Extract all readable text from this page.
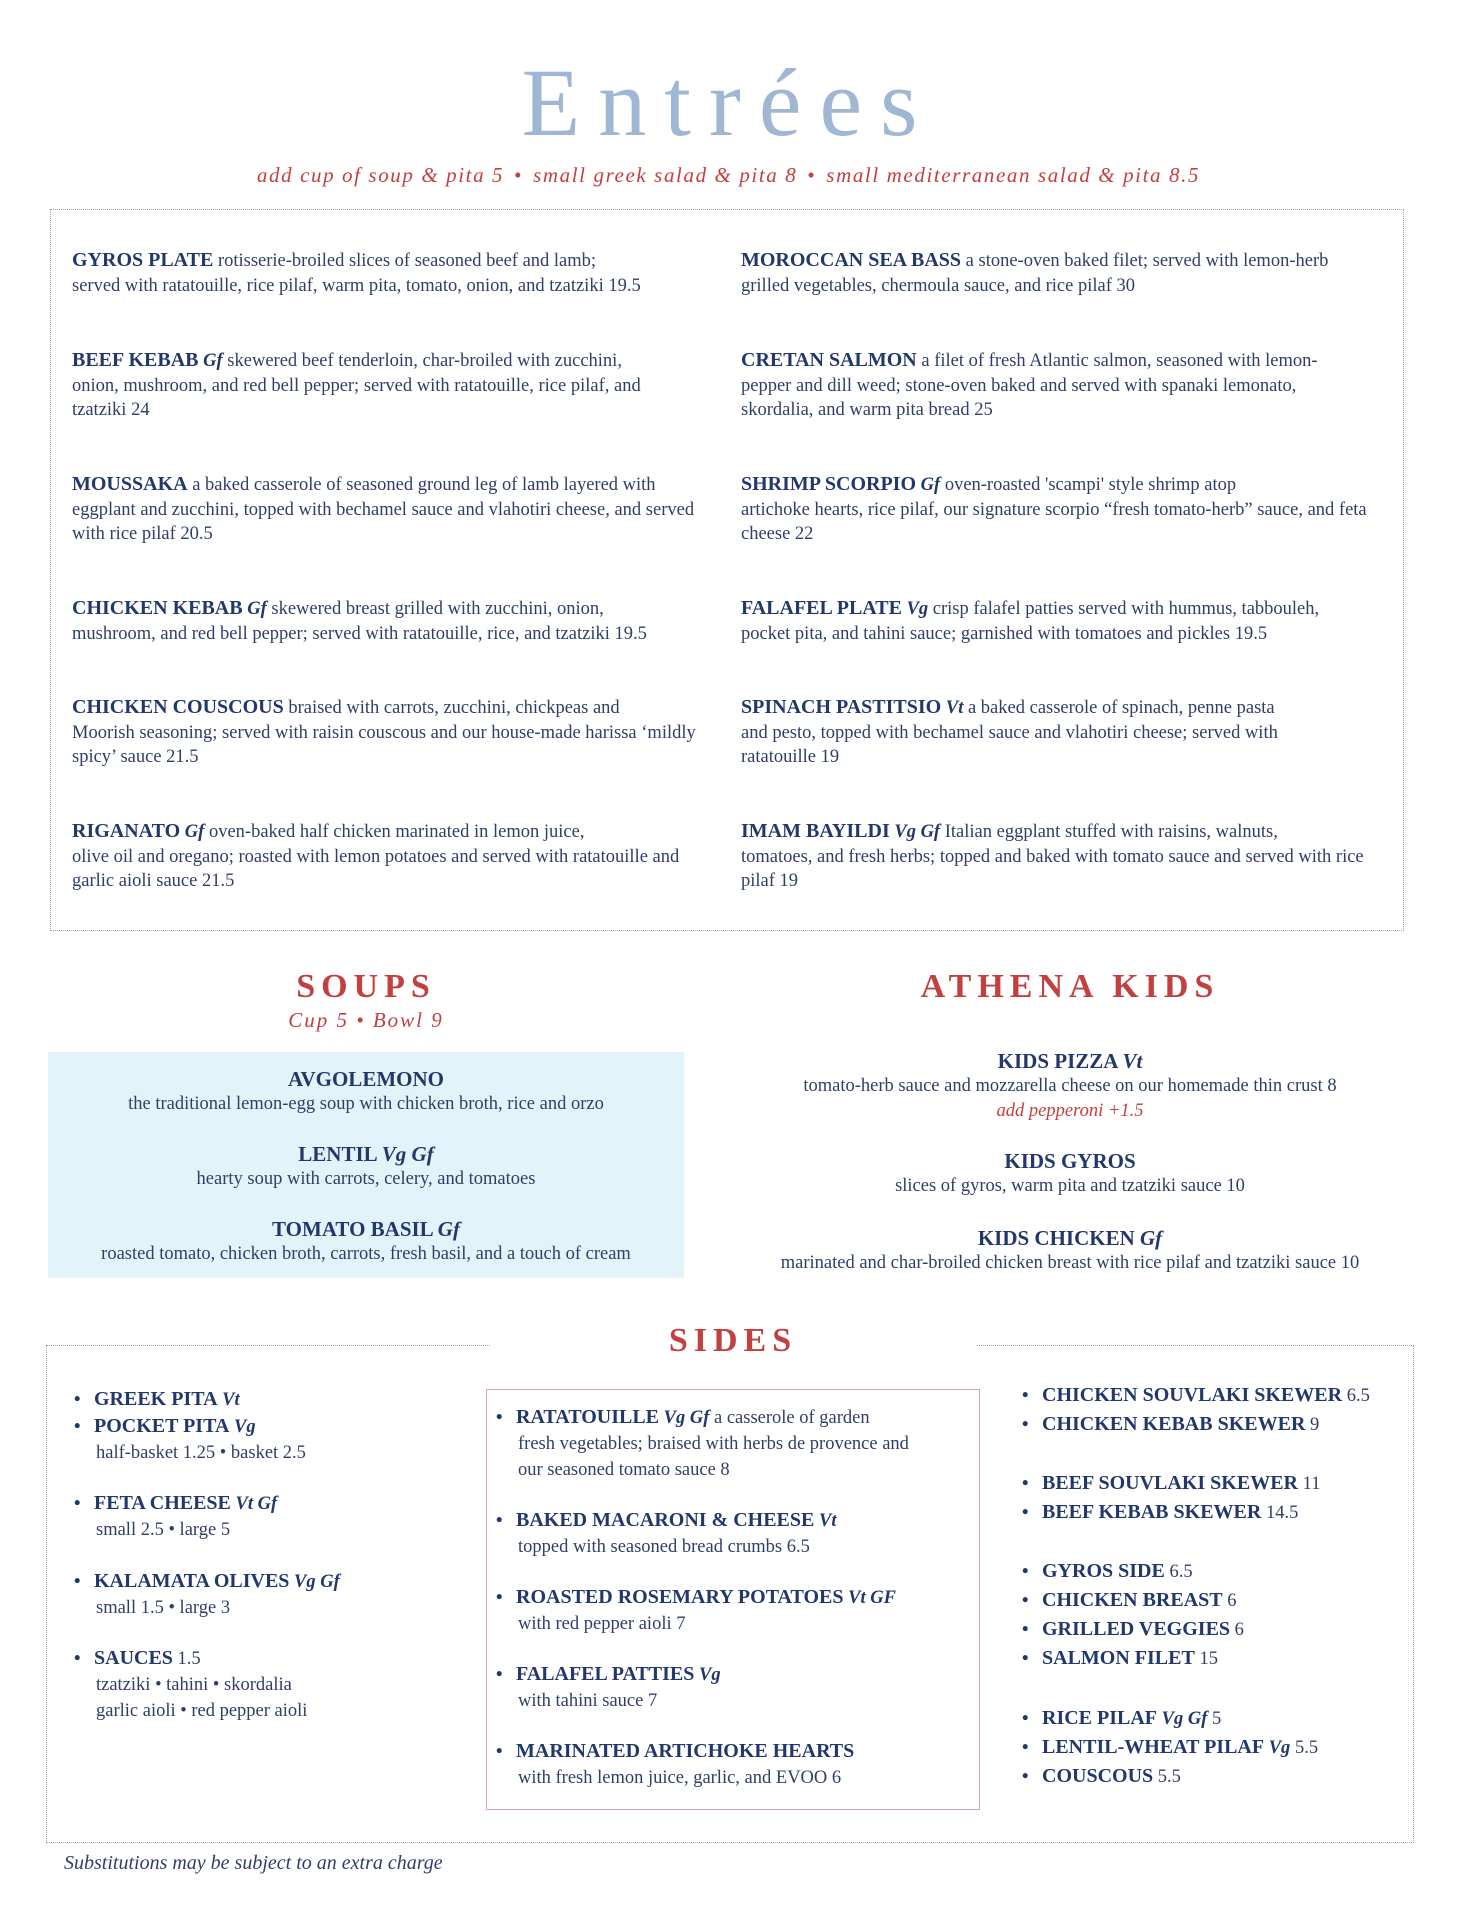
Entrées
add cup of soup & pita 5 • small greek salad & pita 8 • small mediterranean salad & pita 8.5
GYROS PLATE rotisserie-broiled slices of seasoned beef and lamb;
served with ratatouille, rice pilaf, warm pita, tomato, onion, and tzatziki 19.5
BEEF KEBAB Gf skewered beef tenderloin, char-broiled with zucchini,
onion, mushroom, and red bell pepper; served with ratatouille, rice pilaf, and tzatziki 24
MOUSSAKA a baked casserole of seasoned ground leg of lamb layered with
eggplant and zucchini, topped with bechamel sauce and vlahotiri cheese, and served with rice pilaf 20.5
CHICKEN KEBAB Gf skewered breast grilled with zucchini, onion,
mushroom, and red bell pepper; served with ratatouille, rice, and tzatziki 19.5
CHICKEN COUSCOUS braised with carrots, zucchini, chickpeas and
Moorish seasoning; served with raisin couscous and our house-made harissa ‘mildly spicy’ sauce 21.5
RIGANATO Gf oven-baked half chicken marinated in lemon juice,
olive oil and oregano; roasted with lemon potatoes and served with ratatouille and garlic aioli sauce 21.5
MOROCCAN SEA BASS a stone-oven baked filet; served with lemon-herb
grilled vegetables, chermoula sauce, and rice pilaf 30
CRETAN SALMON a filet of fresh Atlantic salmon, seasoned with lemon-
pepper and dill weed; stone-oven baked and served with spanaki lemonato, skordalia, and warm pita bread 25
SHRIMP SCORPIO Gf oven-roasted 'scampi' style shrimp atop
artichoke hearts, rice pilaf, our signature scorpio “fresh tomato-herb” sauce, and feta cheese 22
FALAFEL PLATE Vg crisp falafel patties served with hummus, tabbouleh,
pocket pita, and tahini sauce; garnished with tomatoes and pickles 19.5
SPINACH PASTITSIO Vt a baked casserole of spinach, penne pasta
and pesto, topped with bechamel sauce and vlahotiri cheese; served with ratatouille 19
IMAM BAYILDI Vg Gf Italian eggplant stuffed with raisins, walnuts,
tomatoes, and fresh herbs; topped and baked with tomato sauce and served with rice pilaf 19
SOUPS
Cup 5 • Bowl 9
AVGOLEMONO
the traditional lemon-egg soup with chicken broth, rice and orzo
LENTIL Vg Gf
hearty soup with carrots, celery, and tomatoes
TOMATO BASIL Gf
roasted tomato, chicken broth, carrots, fresh basil, and a touch of cream
ATHENA KIDS
KIDS PIZZA Vt
tomato-herb sauce and mozzarella cheese on our homemade thin crust 8
add pepperoni +1.5
KIDS GYROS
slices of gyros, warm pita and tzatziki sauce 10
KIDS CHICKEN Gf
marinated and char-broiled chicken breast with rice pilaf and tzatziki sauce 10
SIDES
• GREEK PITA Vt
• POCKET PITA Vg
half-basket 1.25 • basket 2.5
• FETA CHEESE Vt Gf
small 2.5 • large 5
• KALAMATA OLIVES Vg Gf
small 1.5 • large 3
• SAUCES 1.5
tzatziki • tahini • skordalia
garlic aioli • red pepper aioli
• RATATOUILLE Vg Gf a casserole of garden
fresh vegetables; braised with herbs de provence and
our seasoned tomato sauce 8
• BAKED MACARONI & CHEESE Vt
topped with seasoned bread crumbs 6.5
• ROASTED ROSEMARY POTATOES Vt GF
with red pepper aioli 7
• FALAFEL PATTIES Vg
with tahini sauce 7
• MARINATED ARTICHOKE HEARTS
with fresh lemon juice, garlic, and EVOO 6
• CHICKEN SOUVLAKI SKEWER 6.5
• CHICKEN KEBAB SKEWER 9
• BEEF SOUVLAKI SKEWER 11
• BEEF KEBAB SKEWER 14.5
• GYROS SIDE 6.5
• CHICKEN BREAST 6
• GRILLED VEGGIES 6
• SALMON FILET 15
• RICE PILAF Vg Gf 5
• LENTIL-WHEAT PILAF Vg 5.5
• COUSCOUS 5.5
Substitutions may be subject to an extra charge
